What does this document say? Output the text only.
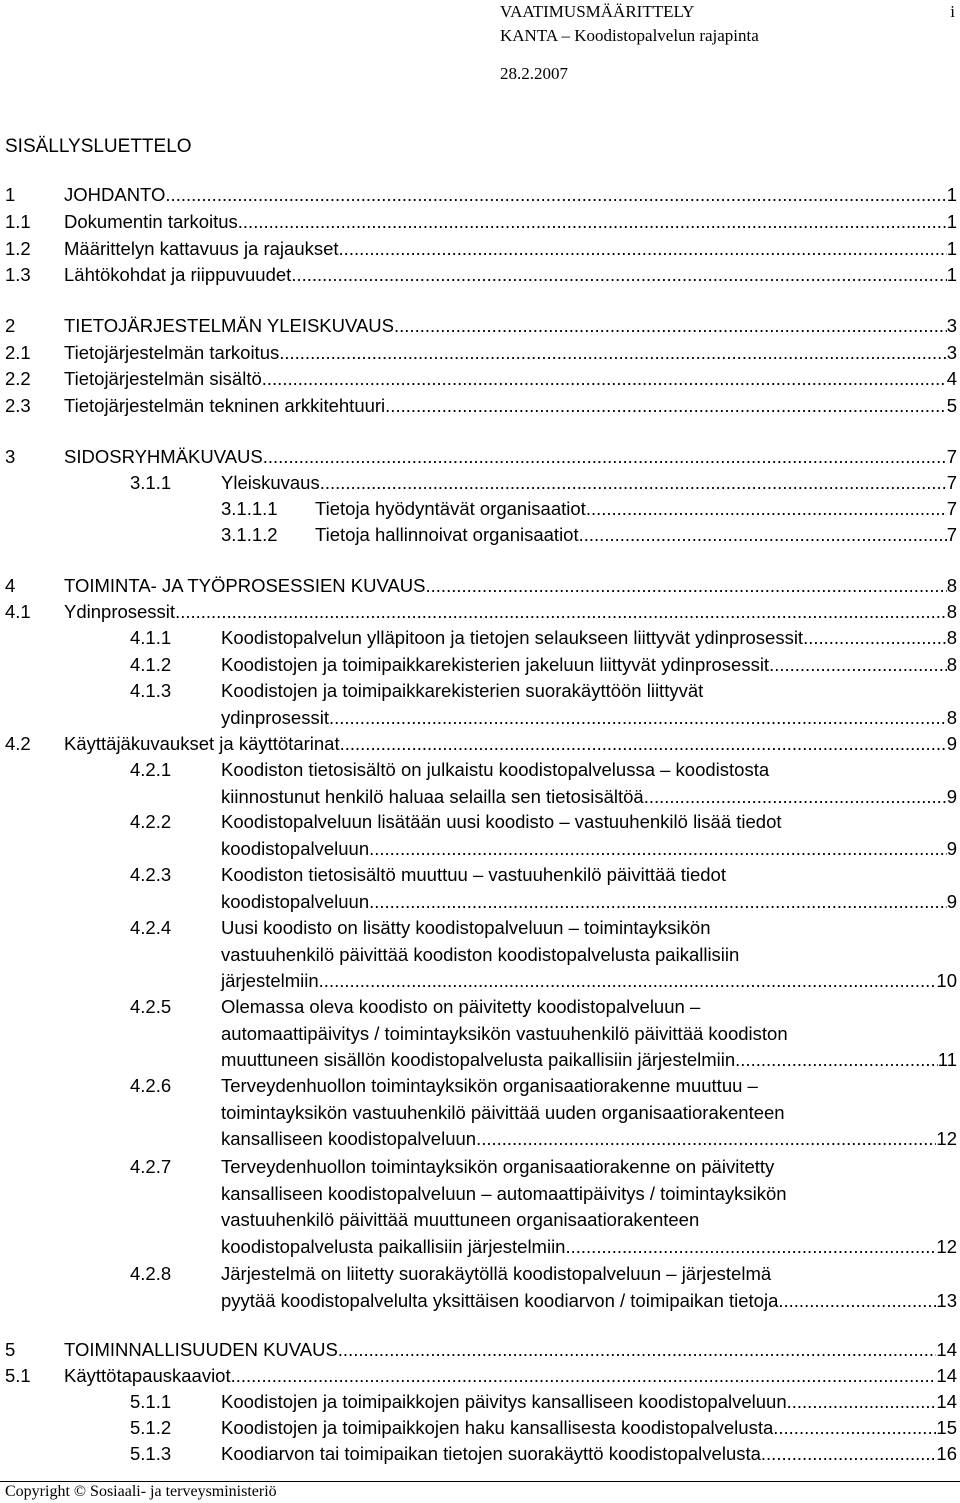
VAATIMUSMÄÄRITTELY
KANTA – Koodistopalvelun rajapinta
i
28.2.2007
SISÄLLYSLUETTELO
1	JOHDANTO .....	1
1.1 Dokumentin tarkoitus .....	1
1.2 Määrittelyn kattavuus ja rajaukset .....	1
1.3 Lähtökohdat ja riippuvuudet .....	1
2	TIETOJÄRJESTELMÄN YLEISKUVAUS .....	3
2.1 Tietojärjestelmän tarkoitus .....	3
2.2 Tietojärjestelmän sisältö .....	4
2.3 Tietojärjestelmän tekninen arkkitehtuuri .....	5
3	SIDOSRYHMÄKUVAUS .....	7
3.1.1	Yleiskuvaus .....	7
3.1.1.1 Tietoja hyödyntävät organisaatiot .....	7
3.1.1.2 Tietoja hallinnoivat organisaatiot .....	7
4	TOIMINTA- JA TYÖPROSESSIEN KUVAUS .....	8
4.1 Ydinprosessit .....	8
4.1.1	Koodistopalvelun ylläpitoon ja tietojen selaukseen liittyvät ydinprosessit .....	8
4.1.2	Koodistojen ja toimipaikkarekisterien jakeluun liittyvät ydinprosessit .....	8
4.1.3	Koodistojen ja toimipaikkarekisterien suorakäyttöön liittyvät
ydinprosessit .....	8
4.2 Käyttäjäkuvaukset ja käyttötarinat .....	9
4.2.1	Koodiston tietosisältö on julkaistu koodistopalvelussa – koodistosta
kiinnostunut henkilö haluaa selailla sen tietosisältöä .....	9
4.2.2	Koodistopalveluun lisätään uusi koodisto – vastuuhenkilö lisää tiedot
koodistopalveluun .....	9
4.2.3	Koodiston tietosisältö muuttuu – vastuuhenkilö päivittää tiedot
koodistopalveluun .....	9
4.2.4	Uusi koodisto on lisätty koodistopalveluun – toimintayksikön
vastuuhenkilö päivittää koodiston koodistopalvelusta paikallisiin
järjestelmiin .....	10
4.2.5	Olemassa oleva koodisto on päivitetty koodistopalveluun –
automaattipäivitys / toimintayksikön vastuuhenkilö päivittää koodiston
muuttuneen sisällön koodistopalvelusta paikallisiin järjestelmiin .....	11
4.2.6	Terveydenhuollon toimintayksikön organisaatiorakenne muuttuu –
toimintayksikön vastuuhenkilö päivittää uuden organisaatiorakenteen
kansalliseen koodistopalveluun .....	12
4.2.7	Terveydenhuollon toimintayksikön organisaatiorakenne on päivitetty
kansalliseen koodistopalveluun – automaattipäivitys / toimintayksikön
vastuuhenkilö päivittää muuttuneen organisaatiorakenteen
koodistopalvelusta paikallisiin järjestelmiin .....	12
4.2.8	Järjestelmä on liitetty suorakäytöllä koodistopalveluun – järjestelmä
pyytää koodistopalvelulta yksittäisen koodiarvon / toimipaikan tietoja. .....	13
5	TOIMINNALLISUUDEN KUVAUS .....	14
5.1 Käyttötapauskaaviot .....	14
5.1.1	Koodistojen ja toimipaikkojen päivitys kansalliseen koodistopalveluun .....	14
5.1.2	Koodistojen ja toimipaikkojen haku kansallisesta koodistopalvelusta .....	15
5.1.3	Koodiarvon tai toimipaikan tietojen suorakäyttö koodistopalvelusta .....	16
Copyright © Sosiaali- ja terveysministeriö
